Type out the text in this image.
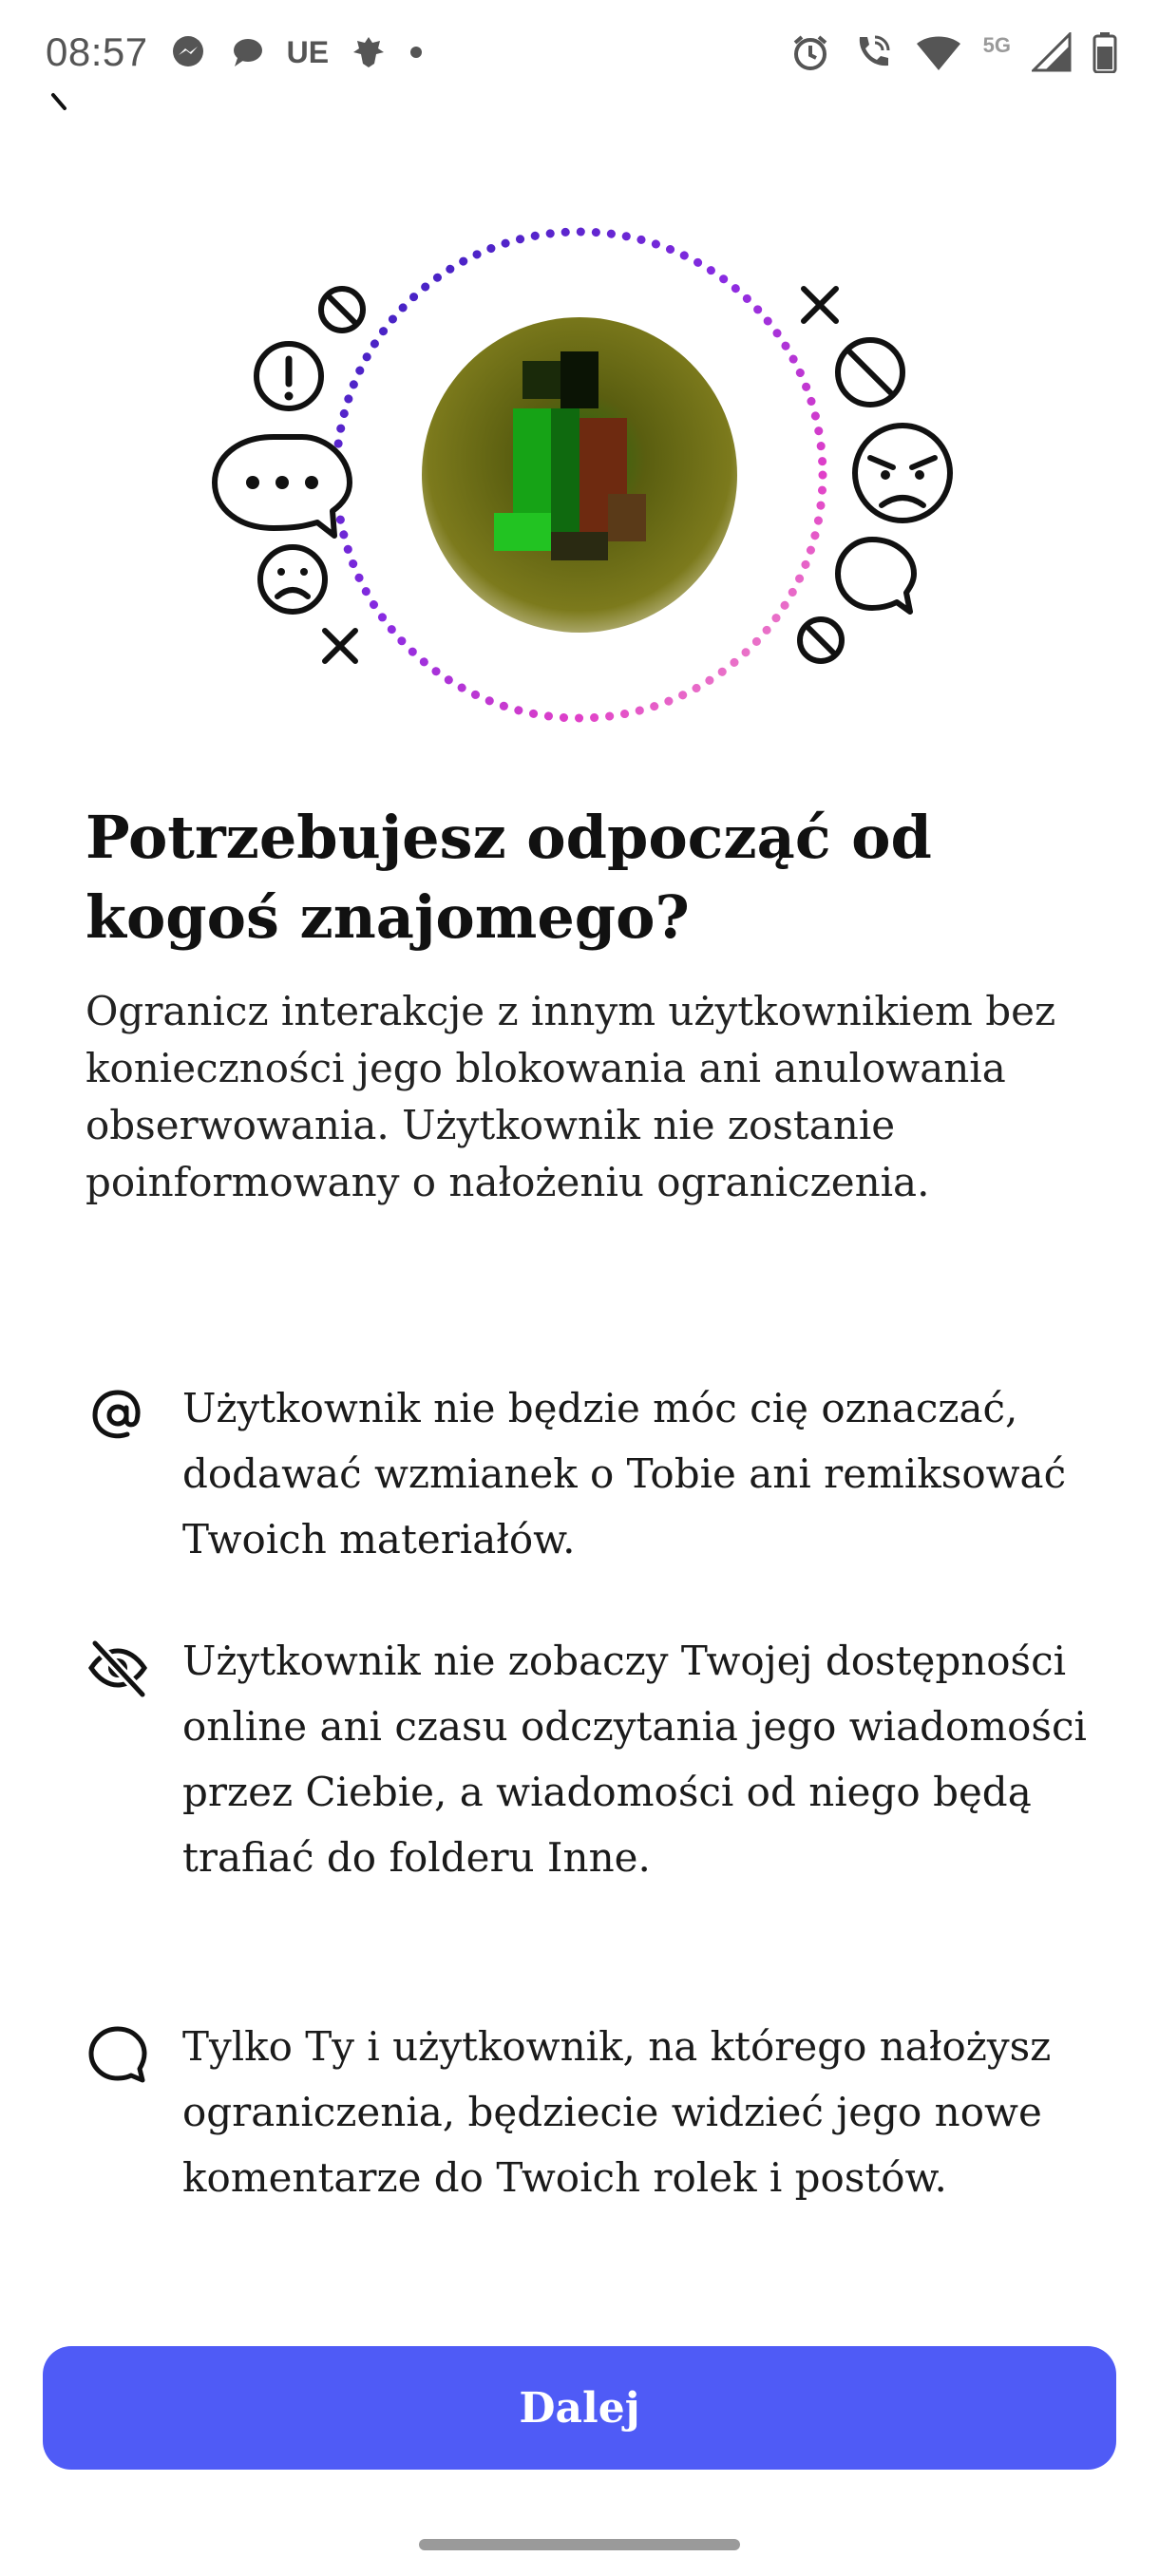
08:57	UE	5G
Potrzebujesz odpocząć od kogoś znajomego?

Ogranicz interakcje z innym użytkownikiem bez konieczności jego blokowania ani anulowania obserwowania. Użytkownik nie zostanie poinformowany o nałożeniu ograniczenia.

Użytkownik nie będzie móc cię oznaczać, dodawać wzmianek o Tobie ani remiksować Twoich materiałów.
Użytkownik nie zobaczy Twojej dostępności online ani czasu odczytania jego wiadomości przez Ciebie, a wiadomości od niego będą trafiać do folderu Inne.
Tylko Ty i użytkownik, na którego nałożysz ograniczenia, będziecie widzieć jego nowe komentarze do Twoich rolek i postów.
Dalej
